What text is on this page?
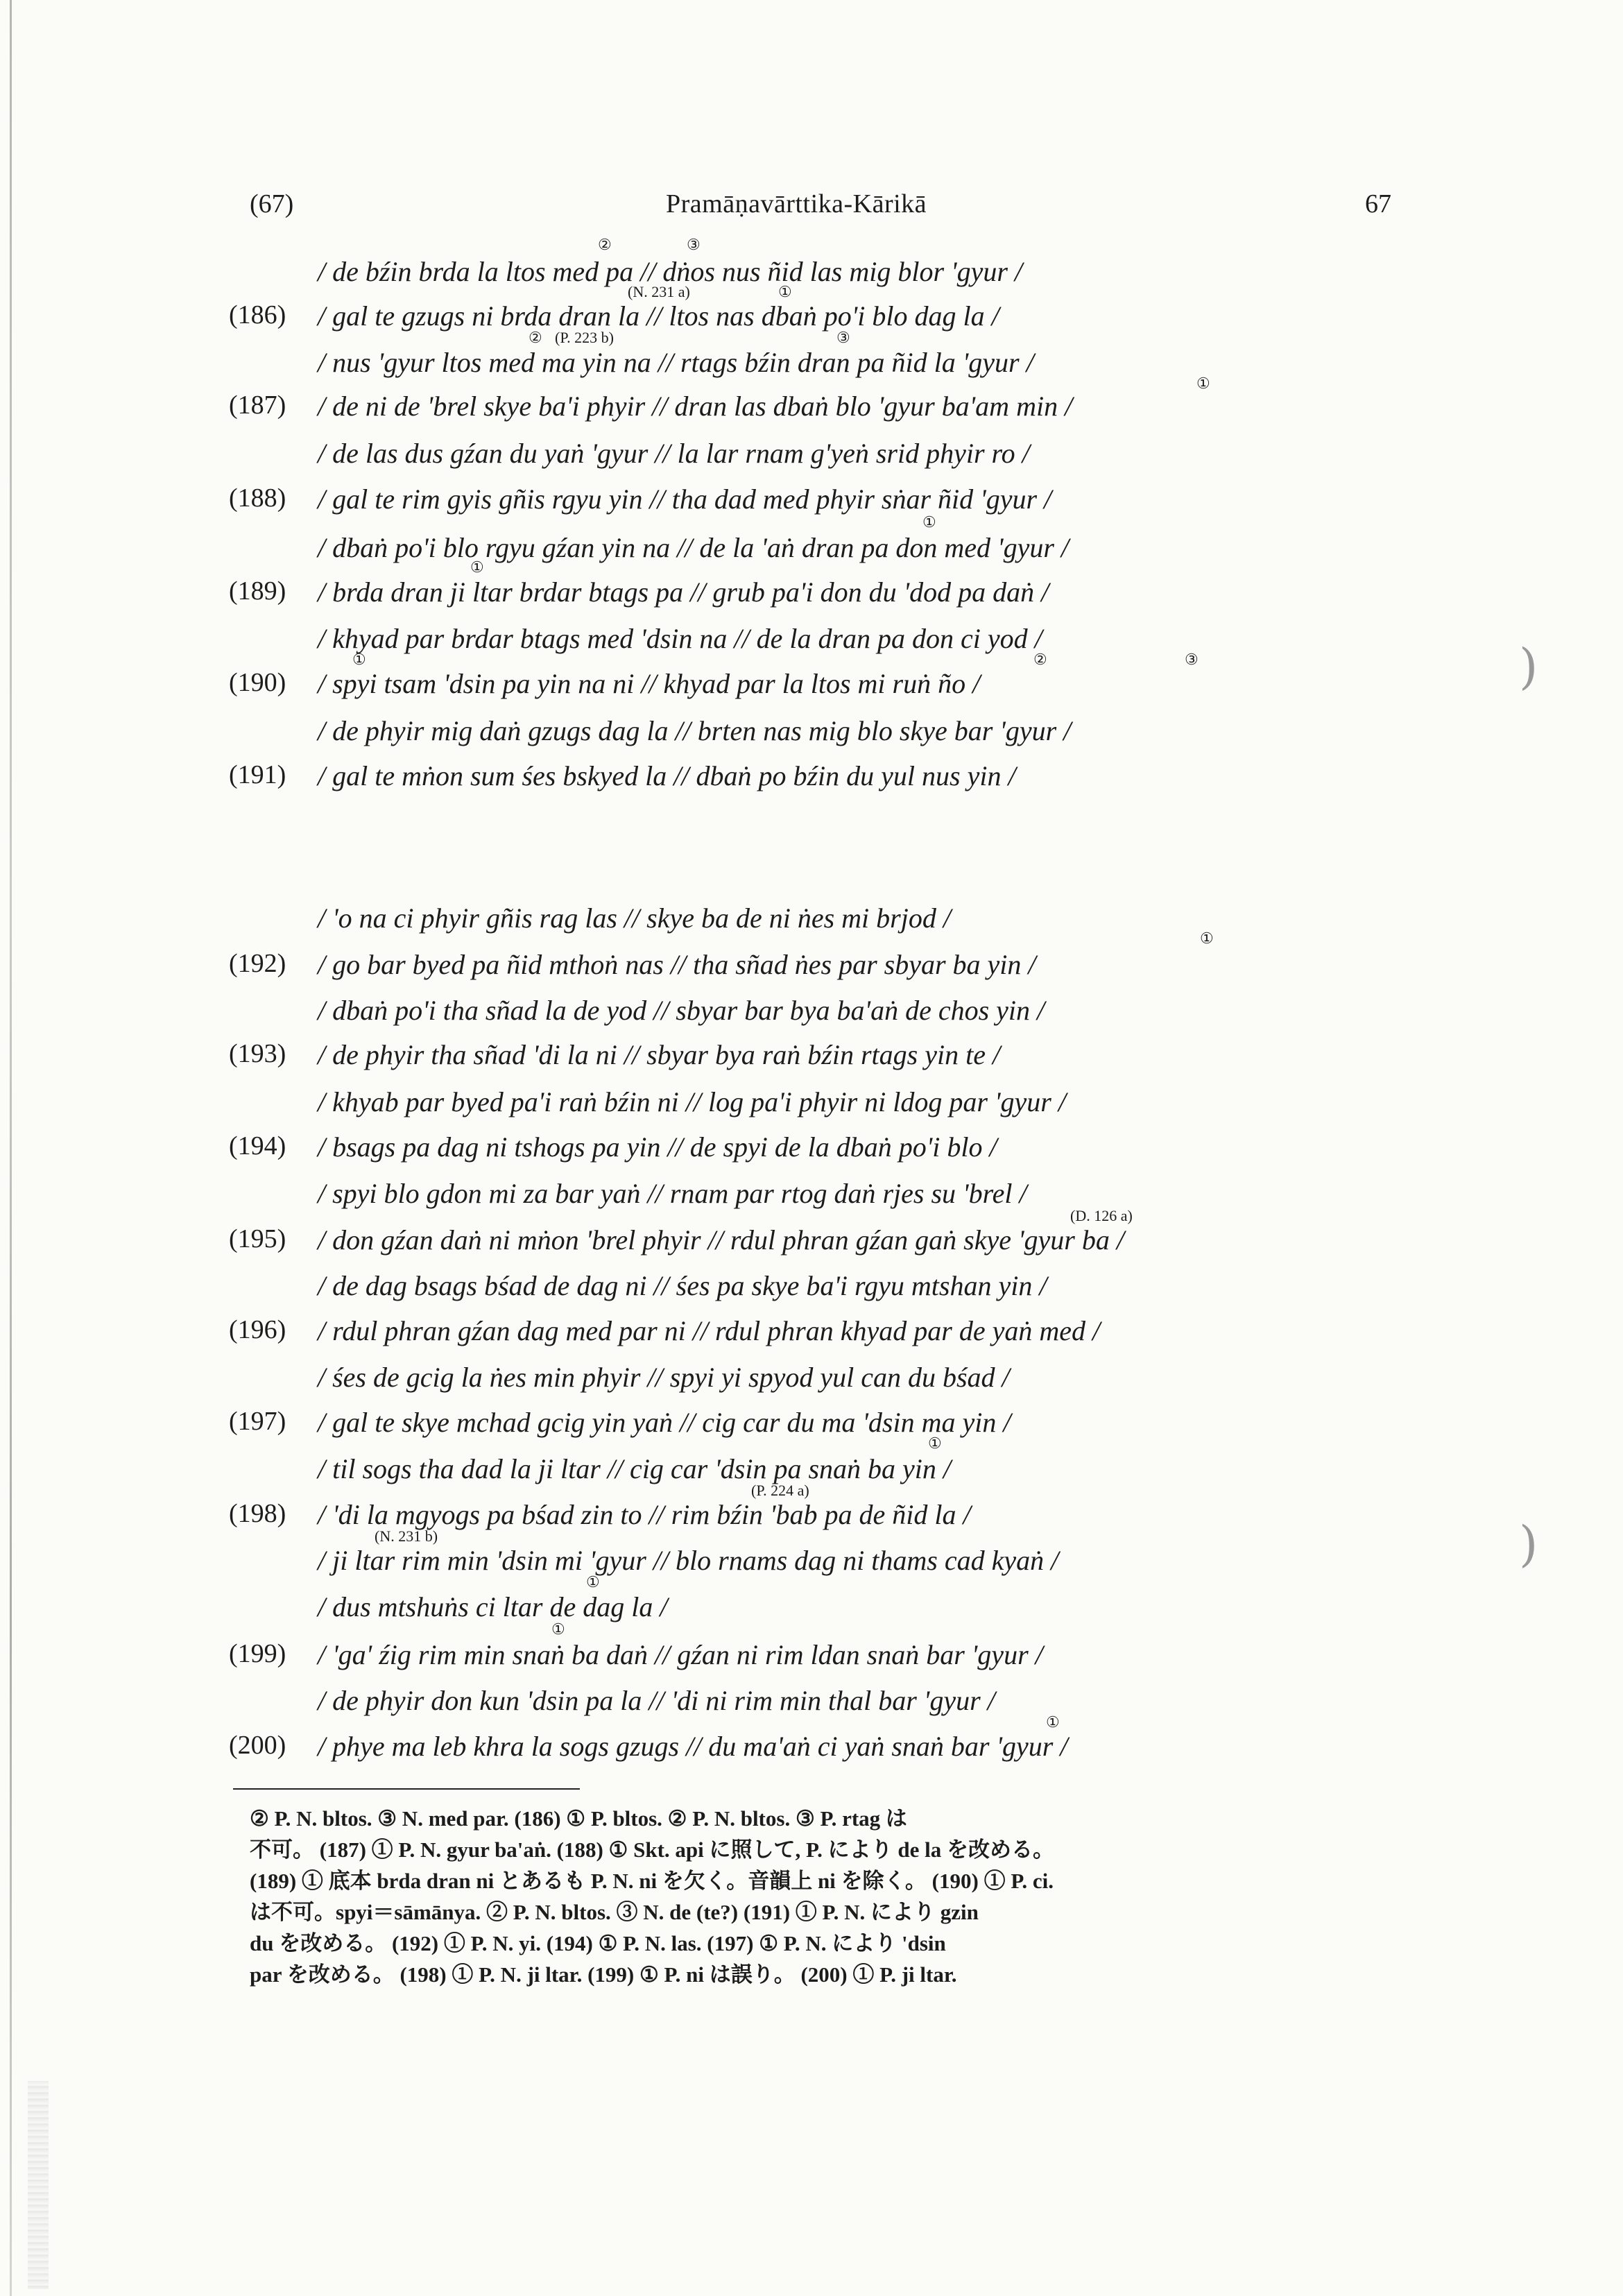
(67)	Pramāṇavārttika-Kārikā	67
/ de bźin brda la ltos med pa // dṅos nus ñid las mig blor 'gyur /
(186) / gal te gzugs ni brda dran la // ltos nas dbaṅ po'i blo dag la /
/ nus 'gyur ltos med ma yin na // rtags bźin dran pa ñid la 'gyur /
(187) / de ni de 'brel skye ba'i phyir // dran las dbaṅ blo 'gyur ba'am min /
/ de las dus gźan du yaṅ 'gyur // la lar rnam g'yeṅ srid phyir ro /
(188) / gal te rim gyis gñis rgyu yin // tha dad med phyir sṅar ñid 'gyur /
/ dbaṅ po'i blo rgyu gźan yin na // de la 'aṅ dran pa don med 'gyur /
(189) / brda dran ji ltar brdar btags pa // grub pa'i don du 'dod pa daṅ /
/ khyad par brdar btags med 'dsin na // de la dran pa don ci yod /
(190) / spyi tsam 'dsin pa yin na ni // khyad par la ltos mi ruṅ ño /
/ de phyir mig daṅ gzugs dag la // brten nas mig blo skye bar 'gyur /
(191) / gal te mṅon sum śes bskyed la // dbaṅ po bźin du yul nus yin /
/ 'o na ci phyir gñis rag las // skye ba de ni ṅes mi brjod /
(192) / go bar byed pa ñid mthoṅ nas // tha sñad ṅes par sbyar ba yin /
/ dbaṅ po'i tha sñad la de yod // sbyar bar bya ba'aṅ de chos yin /
(193) / de phyir tha sñad 'di la ni // sbyar bya raṅ bźin rtags yin te /
/ khyab par byed pa'i raṅ bźin ni // log pa'i phyir ni ldog par 'gyur /
(194) / bsags pa dag ni tshogs pa yin // de spyi de la dbaṅ po'i blo /
/ spyi blo gdon mi za bar yaṅ // rnam par rtog daṅ rjes su 'brel /
(195) / don gźan daṅ ni mṅon 'brel phyir // rdul phran gźan gaṅ skye 'gyur ba /
/ de dag bsags bśad de dag ni // śes pa skye ba'i rgyu mtshan yin /
(196) / rdul phran gźan dag med par ni // rdul phran khyad par de yaṅ med /
/ śes de gcig la ṅes min phyir // spyi yi spyod yul can du bśad /
(197) / gal te skye mchad gcig yin yaṅ // cig car du ma 'dsin ma yin /
/ til sogs tha dad la ji ltar // cig car 'dsin pa snaṅ ba yin /
(198) / 'di la mgyogs pa bśad zin to // rim bźin 'bab pa de ñid la /
/ ji ltar rim min 'dsin mi 'gyur // blo rnams dag ni thams cad kyaṅ /
/ dus mtshuṅs ci ltar de dag la /
(199) / 'ga' źig rim min snaṅ ba daṅ // gźan ni rim ldan snaṅ bar 'gyur /
/ de phyir don kun 'dsin pa la // 'di ni rim min thal bar 'gyur /
(200) / phye ma leb khra la sogs gzugs // du ma'aṅ ci yaṅ snaṅ bar 'gyur /
②	③
(N. 231 a)	①
② (P. 223 b)	③
①
①
①
①	②	③
(D. 126 a)
①
①
(P. 224 a)
(N. 231 b)
①
①
①
)
)
② P. N. bltos. ③ N. med par. (186) ① P. bltos. ② P. N. bltos. ③ P. rtag は
不可。 (187) ① P. N. gyur ba'aṅ. (188) ① Skt. api に照して, P. により de la を改める。
(189) ① 底本 brda dran ni とあるも P. N. ni を欠く。音韻上 ni を除く。 (190) ① P. ci.
は不可。spyi＝sāmānya. ② P. N. bltos. ③ N. de (te?) (191) ① P. N. により gzin
du を改める。 (192) ① P. N. yi. (194) ① P. N. las. (197) ① P. N. により 'dsin
par を改める。 (198) ① P. N. ji ltar. (199) ① P. ni は誤り。 (200) ① P. ji ltar.
